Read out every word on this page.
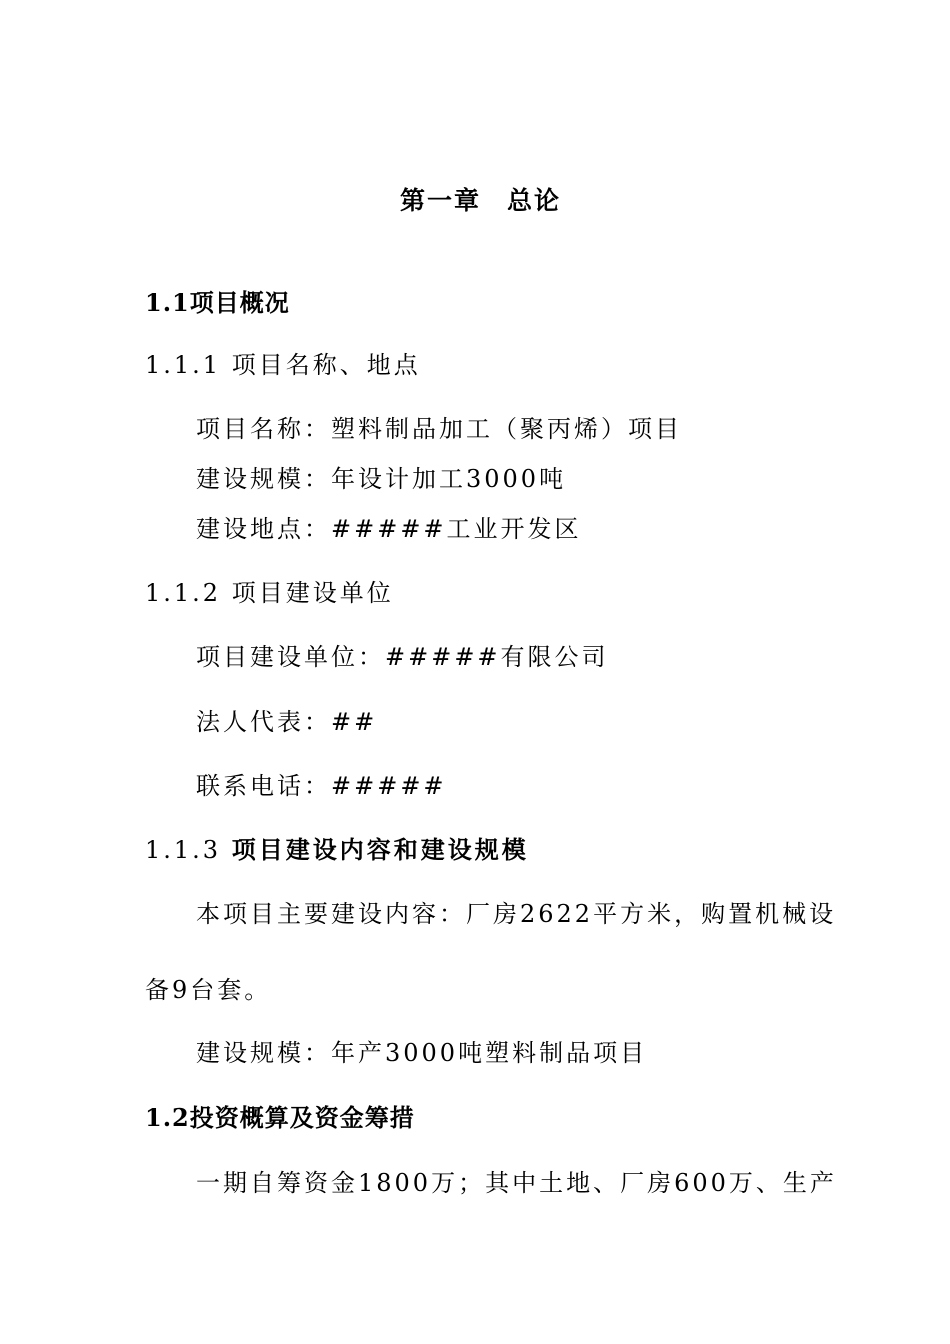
第一章 总论
1.1项目概况
1.1.1 项目名称、地点
项目名称：塑料制品加工（聚丙烯）项目
建设规模：年设计加工3000吨
建设地点：#####工业开发区
1.1.2 项目建设单位
项目建设单位：#####有限公司
法人代表：##
联系电话：#####
1.1.3 项目建设内容和建设规模
本项目主要建设内容：厂房2622平方米，购置机械设
备9台套。
建设规模：年产3000吨塑料制品项目
1.2投资概算及资金筹措
一期自筹资金1800万；其中土地、厂房600万、生产
